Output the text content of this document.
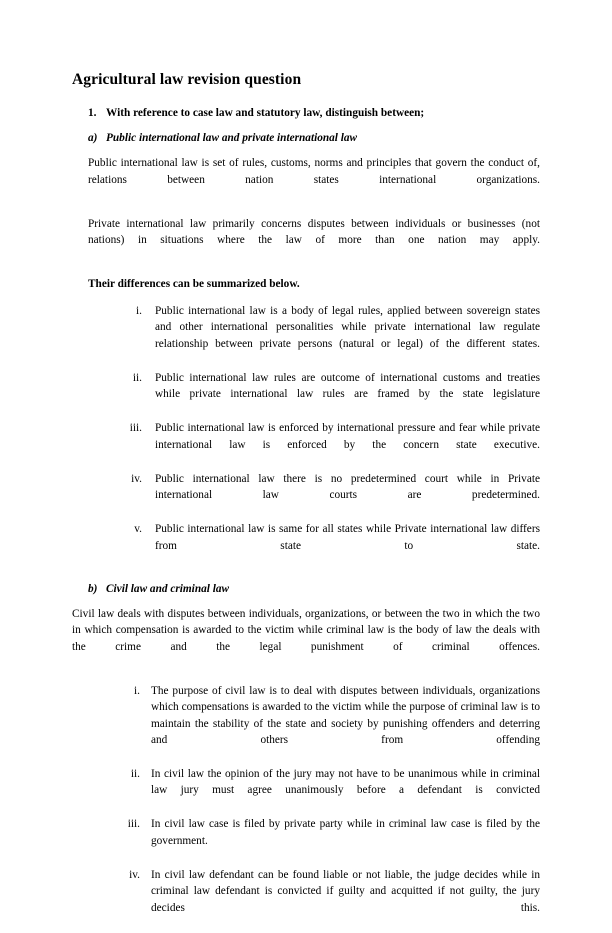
Agricultural law revision question
1. With reference to case law and statutory law, distinguish between;
a) Public international law and private international law

Public international law is set of rules, customs, norms and principles that govern the conduct of, relations between nation states international organizations.

Private international law primarily concerns disputes between individuals or businesses (not nations) in situations where the law of more than one nation may apply.

Their differences can be summarized below.

i.	Public international law is a body of legal rules, applied between sovereign states and other international personalities while private international law regulate relationship between private persons (natural or legal) of the different states.
ii.	Public international law rules are outcome of international customs and treaties while private international law rules are framed by the state legislature
iii.	Public international law is enforced by international pressure and fear while private international law is enforced by the concern state executive.
iv.	Public international law there is no predetermined court while in Private international law courts are predetermined.
v.	Public international law is same for all states while Private international law differs from state to state.
b) Civil law and criminal law

Civil law deals with disputes between individuals, organizations, or between the two in which the two in which compensation is awarded to the victim while criminal law is the body of law the deals with the crime and the legal punishment of criminal offences.

i. The purpose of civil law is to deal with disputes between individuals, organizations which compensations is awarded to the victim while the purpose of criminal law is to maintain the stability of the state and society by punishing offenders and deterring and others from offending
ii. In civil law the opinion of the jury may not have to be unanimous while in criminal law jury must agree unanimously before a defendant is convicted
iii. In civil law case is filed by private party while in criminal law case is filed by the government.
iv. In civil law defendant can be found liable or not liable, the judge decides while in criminal law defendant is convicted if guilty and acquitted if not guilty, the jury decides this.
